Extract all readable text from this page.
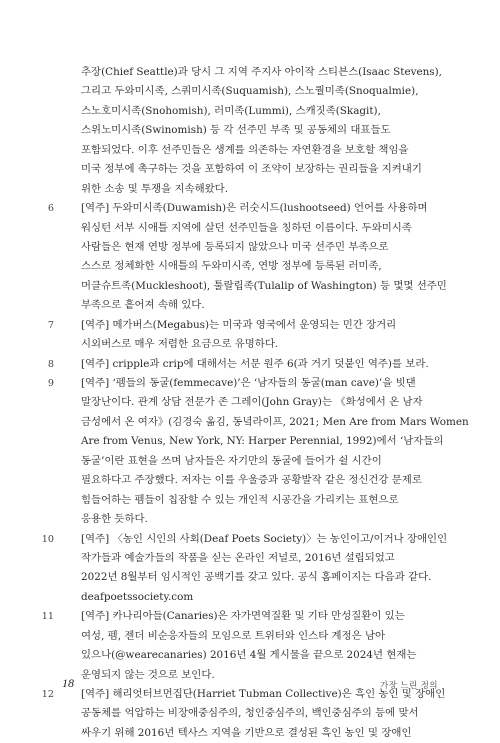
추장(Chief Seattle)과 당시 그 지역 주지사 아이작 스티븐스(Isaac Stevens),
그리고 두와미시족, 스쿼미시족(Suquamish), 스노퀄미족(Snoqualmie),
스노호미시족(Snohomish), 러미족(Lummi), 스캐짓족(Skagit),
스위노미시족(Swinomish) 등 각 선주민 부족 및 공동체의 대표들도
포함되었다. 이후 선주민들은 생계를 의존하는 자연환경을 보호할 책임을
미국 정부에 촉구하는 것을 포함하여 이 조약이 보장하는 권리들을 지켜내기
위한 소송 및 투쟁을 지속해왔다.
6	[역주] 두와미시족(Duwamish)은 러숫시드(lushootseed) 언어를 사용하며
워싱턴 서부 시애틀 지역에 살던 선주민들을 칭하던 이름이다. 두와미시족
사람들은 현재 연방 정부에 등록되지 않았으나 미국 선주민 부족으로
스스로 정체화한 시애틀의 두와미시족, 연방 정부에 등록된 러미족,
머클슈트족(Muckleshoot), 툴랄립족(Tulalip of Washington) 등 몇몇 선주민
부족으로 흩어져 속해 있다.
7	[역주] 메가버스(Megabus)는 미국과 영국에서 운영되는 민간 장거리
시외버스로 매우 저렴한 요금으로 유명하다.
8	[역주] cripple과 crip에 대해서는 서문 원주 6(과 거기 덧붙인 역주)를 보라.
9	[역주] ‘펨들의 동굴(femmecave)’은 ‘남자들의 동굴(man cave)’을 빗댄
말장난이다. 관계 상담 전문가 존 그레이(John Gray)는 《화성에서 온 남자
금성에서 온 여자》(김경숙 옮김, 동녘라이프, 2021; Men Are from Mars Women
Are from Venus, New York, NY: Harper Perennial, 1992)에서 ‘남자들의
동굴’이란 표현을 쓰며 남자들은 자기만의 동굴에 들어가 쉴 시간이
필요하다고 주장했다. 저자는 이를 우울증과 공황발작 같은 정신건강 문제로
힘들어하는 펨들이 칩잠할 수 있는 개인적 시공간을 가리키는 표현으로
응용한 듯하다.
10	[역주] 〈농인 시인의 사회(Deaf Poets Society)〉는 농인이고/이거나 장애인인
작가들과 예술가들의 작품을 싣는 온라인 저널로, 2016년 설립되었고
2022년 8월부터 임시적인 공백기를 갖고 있다. 공식 홈페이지는 다음과 같다.
deafpoetssociety.com
11	[역주] 카나리아들(Canaries)은 자가면역질환 및 기타 만성질환이 있는
여성, 펨, 젠더 비순응자들의 모임으로 트위터와 인스타 계정은 남아
있으나(@wearecanaries) 2016년 4월 게시물을 끝으로 2024년 현재는
운영되지 않는 것으로 보인다.
12	[역주] 해리엇터브먼집단(Harriet Tubman Collective)은 흑인 농인 및 장애인
공동체를 억압하는 비장애중심주의, 청인중심주의, 백인중심주의 등에 맞서
싸우기 위해 2016년 텍사스 지역을 기반으로 결성된 흑인 농인 및 장애인
18	가장 느린 정의
